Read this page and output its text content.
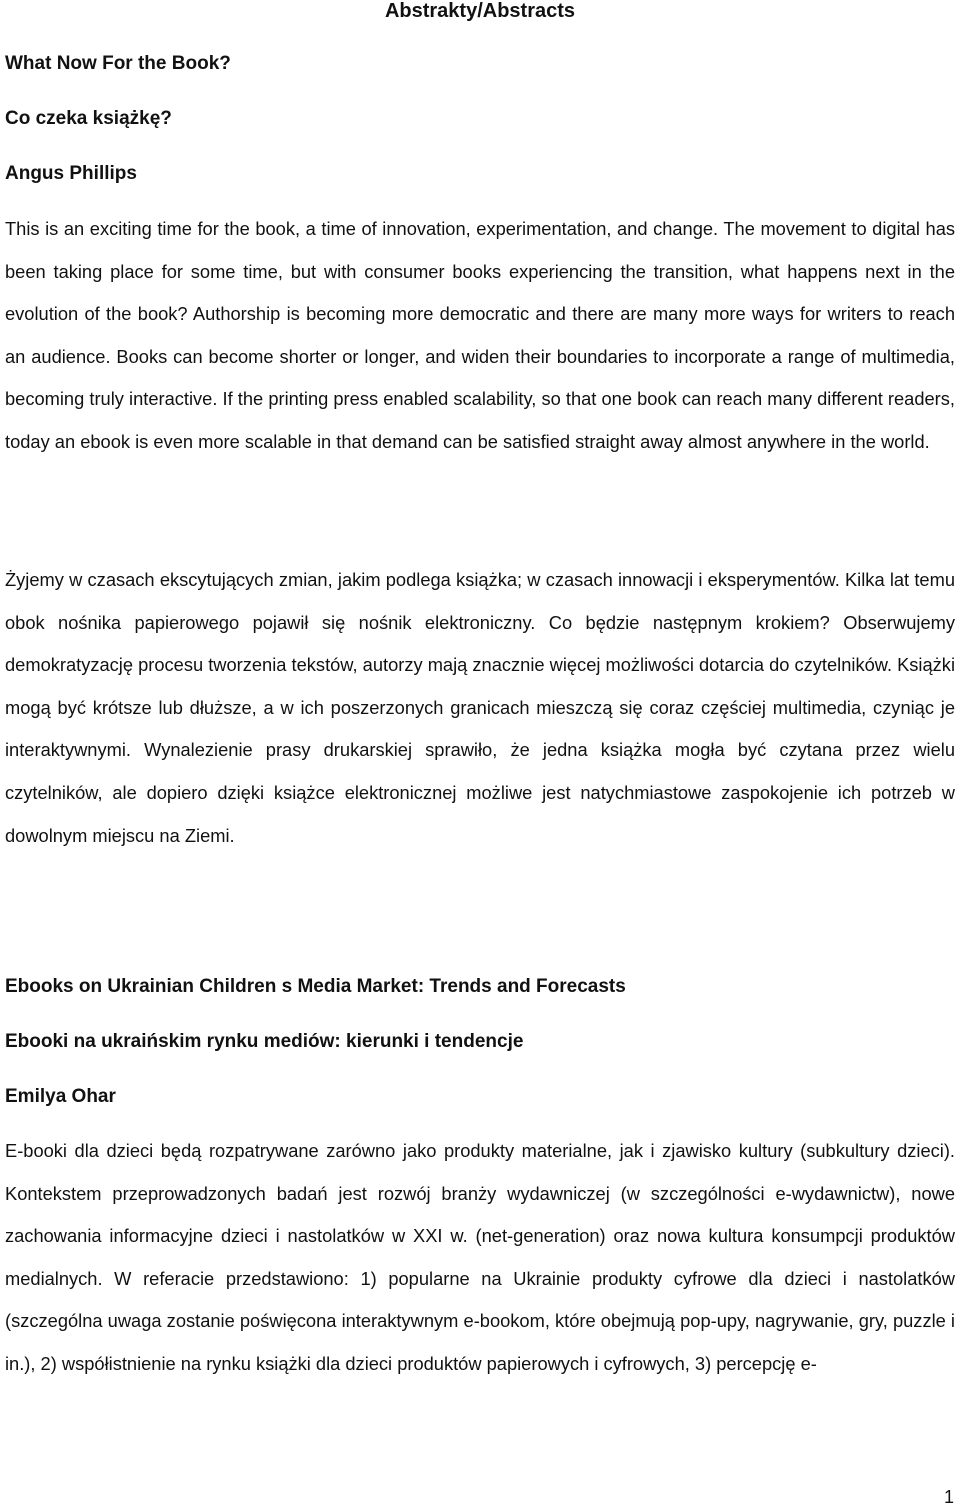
Abstrakty/Abstracts
What Now For the Book?
Co czeka książkę?
Angus Phillips

This is an exciting time for the book, a time of innovation, experimentation, and change. The movement to digital has been taking place for some time, but with consumer books experiencing the transition, what happens next in the evolution of the book? Authorship is becoming more democratic and there are many more ways for writers to reach an audience. Books can become shorter or longer, and widen their boundaries to incorporate a range of multimedia, becoming truly interactive. If the printing press enabled scalability, so that one book can reach many different readers, today an ebook is even more scalable in that demand can be satisfied straight away almost anywhere in the world.

Żyjemy w czasach ekscytujących zmian, jakim podlega książka; w czasach innowacji i eksperymentów. Kilka lat temu obok nośnika papierowego pojawił się nośnik elektroniczny. Co będzie następnym krokiem? Obserwujemy demokratyzację procesu tworzenia tekstów, autorzy mają znacznie więcej możliwości dotarcia do czytelników. Książki mogą być krótsze lub dłuższe, a w ich poszerzonych granicach mieszczą się coraz częściej multimedia, czyniąc je interaktywnymi. Wynalezienie prasy drukarskiej sprawiło, że jedna książka mogła być czytana przez wielu czytelników, ale dopiero dzięki książce elektronicznej możliwe jest natychmiastowe zaspokojenie ich potrzeb w dowolnym miejscu na Ziemi.

Ebooks on Ukrainian Children s Media Market: Trends and Forecasts
Ebooki na ukraińskim rynku mediów: kierunki i tendencje
Emilya Ohar

E-booki dla dzieci będą rozpatrywane zarówno jako produkty materialne, jak i zjawisko kultury (subkultury dzieci). Kontekstem przeprowadzonych badań jest rozwój branży wydawniczej (w szczególności e-wydawnictw), nowe zachowania informacyjne dzieci i nastolatków w XXI w. (net-generation) oraz nowa kultura konsumpcji produktów medialnych. W referacie przedstawiono: 1) popularne na Ukrainie produkty cyfrowe dla dzieci i nastolatków (szczególna uwaga zostanie poświęcona interaktywnym e-bookom, które obejmują pop-upy, nagrywanie, gry, puzzle i in.), 2) współistnienie na rynku książki dla dzieci produktów papierowych i cyfrowych, 3) percepcję e-

1
